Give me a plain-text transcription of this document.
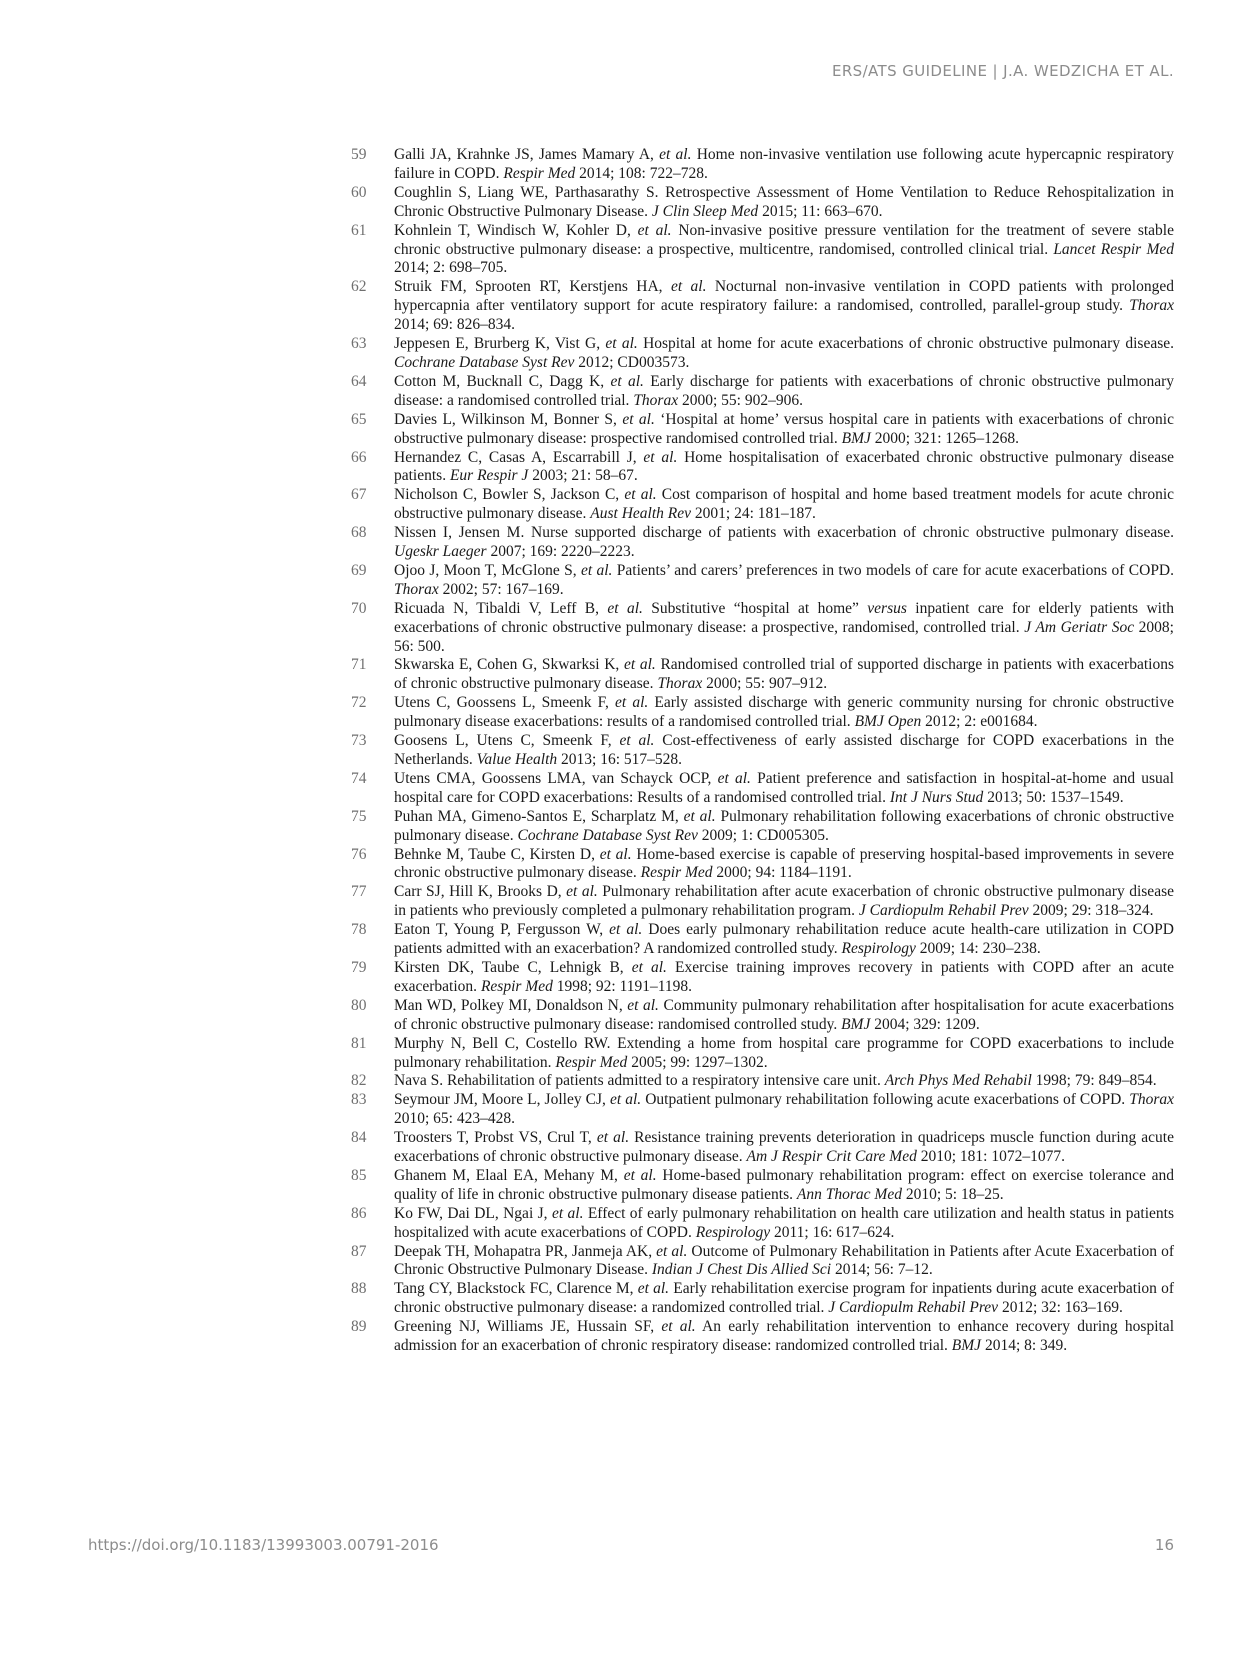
ERS/ATS GUIDELINE | J.A. WEDZICHA ET AL.
59 Galli JA, Krahnke JS, James Mamary A, et al. Home non-invasive ventilation use following acute hypercapnic respiratory failure in COPD. Respir Med 2014; 108: 722–728.
60 Coughlin S, Liang WE, Parthasarathy S. Retrospective Assessment of Home Ventilation to Reduce Rehospitalization in Chronic Obstructive Pulmonary Disease. J Clin Sleep Med 2015; 11: 663–670.
61 Kohnlein T, Windisch W, Kohler D, et al. Non-invasive positive pressure ventilation for the treatment of severe stable chronic obstructive pulmonary disease: a prospective, multicentre, randomised, controlled clinical trial. Lancet Respir Med 2014; 2: 698–705.
62 Struik FM, Sprooten RT, Kerstjens HA, et al. Nocturnal non-invasive ventilation in COPD patients with prolonged hypercapnia after ventilatory support for acute respiratory failure: a randomised, controlled, parallel-group study. Thorax 2014; 69: 826–834.
63 Jeppesen E, Brurberg K, Vist G, et al. Hospital at home for acute exacerbations of chronic obstructive pulmonary disease. Cochrane Database Syst Rev 2012; CD003573.
64 Cotton M, Bucknall C, Dagg K, et al. Early discharge for patients with exacerbations of chronic obstructive pulmonary disease: a randomised controlled trial. Thorax 2000; 55: 902–906.
65 Davies L, Wilkinson M, Bonner S, et al. ‘Hospital at home’ versus hospital care in patients with exacerbations of chronic obstructive pulmonary disease: prospective randomised controlled trial. BMJ 2000; 321: 1265–1268.
66 Hernandez C, Casas A, Escarrabill J, et al. Home hospitalisation of exacerbated chronic obstructive pulmonary disease patients. Eur Respir J 2003; 21: 58–67.
67 Nicholson C, Bowler S, Jackson C, et al. Cost comparison of hospital and home based treatment models for acute chronic obstructive pulmonary disease. Aust Health Rev 2001; 24: 181–187.
68 Nissen I, Jensen M. Nurse supported discharge of patients with exacerbation of chronic obstructive pulmonary disease. Ugeskr Laeger 2007; 169: 2220–2223.
69 Ojoo J, Moon T, McGlone S, et al. Patients’ and carers’ preferences in two models of care for acute exacerbations of COPD. Thorax 2002; 57: 167–169.
70 Ricuada N, Tibaldi V, Leff B, et al. Substitutive “hospital at home” versus inpatient care for elderly patients with exacerbations of chronic obstructive pulmonary disease: a prospective, randomised, controlled trial. J Am Geriatr Soc 2008; 56: 500.
71 Skwarska E, Cohen G, Skwarksi K, et al. Randomised controlled trial of supported discharge in patients with exacerbations of chronic obstructive pulmonary disease. Thorax 2000; 55: 907–912.
72 Utens C, Goossens L, Smeenk F, et al. Early assisted discharge with generic community nursing for chronic obstructive pulmonary disease exacerbations: results of a randomised controlled trial. BMJ Open 2012; 2: e001684.
73 Goosens L, Utens C, Smeenk F, et al. Cost-effectiveness of early assisted discharge for COPD exacerbations in the Netherlands. Value Health 2013; 16: 517–528.
74 Utens CMA, Goossens LMA, van Schayck OCP, et al. Patient preference and satisfaction in hospital-at-home and usual hospital care for COPD exacerbations: Results of a randomised controlled trial. Int J Nurs Stud 2013; 50: 1537–1549.
75 Puhan MA, Gimeno-Santos E, Scharplatz M, et al. Pulmonary rehabilitation following exacerbations of chronic obstructive pulmonary disease. Cochrane Database Syst Rev 2009; 1: CD005305.
76 Behnke M, Taube C, Kirsten D, et al. Home-based exercise is capable of preserving hospital-based improvements in severe chronic obstructive pulmonary disease. Respir Med 2000; 94: 1184–1191.
77 Carr SJ, Hill K, Brooks D, et al. Pulmonary rehabilitation after acute exacerbation of chronic obstructive pulmonary disease in patients who previously completed a pulmonary rehabilitation program. J Cardiopulm Rehabil Prev 2009; 29: 318–324.
78 Eaton T, Young P, Fergusson W, et al. Does early pulmonary rehabilitation reduce acute health-care utilization in COPD patients admitted with an exacerbation? A randomized controlled study. Respirology 2009; 14: 230–238.
79 Kirsten DK, Taube C, Lehnigk B, et al. Exercise training improves recovery in patients with COPD after an acute exacerbation. Respir Med 1998; 92: 1191–1198.
80 Man WD, Polkey MI, Donaldson N, et al. Community pulmonary rehabilitation after hospitalisation for acute exacerbations of chronic obstructive pulmonary disease: randomised controlled study. BMJ 2004; 329: 1209.
81 Murphy N, Bell C, Costello RW. Extending a home from hospital care programme for COPD exacerbations to include pulmonary rehabilitation. Respir Med 2005; 99: 1297–1302.
82 Nava S. Rehabilitation of patients admitted to a respiratory intensive care unit. Arch Phys Med Rehabil 1998; 79: 849–854.
83 Seymour JM, Moore L, Jolley CJ, et al. Outpatient pulmonary rehabilitation following acute exacerbations of COPD. Thorax 2010; 65: 423–428.
84 Troosters T, Probst VS, Crul T, et al. Resistance training prevents deterioration in quadriceps muscle function during acute exacerbations of chronic obstructive pulmonary disease. Am J Respir Crit Care Med 2010; 181: 1072–1077.
85 Ghanem M, Elaal EA, Mehany M, et al. Home-based pulmonary rehabilitation program: effect on exercise tolerance and quality of life in chronic obstructive pulmonary disease patients. Ann Thorac Med 2010; 5: 18–25.
86 Ko FW, Dai DL, Ngai J, et al. Effect of early pulmonary rehabilitation on health care utilization and health status in patients hospitalized with acute exacerbations of COPD. Respirology 2011; 16: 617–624.
87 Deepak TH, Mohapatra PR, Janmeja AK, et al. Outcome of Pulmonary Rehabilitation in Patients after Acute Exacerbation of Chronic Obstructive Pulmonary Disease. Indian J Chest Dis Allied Sci 2014; 56: 7–12.
88 Tang CY, Blackstock FC, Clarence M, et al. Early rehabilitation exercise program for inpatients during acute exacerbation of chronic obstructive pulmonary disease: a randomized controlled trial. J Cardiopulm Rehabil Prev 2012; 32: 163–169.
89 Greening NJ, Williams JE, Hussain SF, et al. An early rehabilitation intervention to enhance recovery during hospital admission for an exacerbation of chronic respiratory disease: randomized controlled trial. BMJ 2014; 8: 349.
https://doi.org/10.1183/13993003.00791-2016	16
